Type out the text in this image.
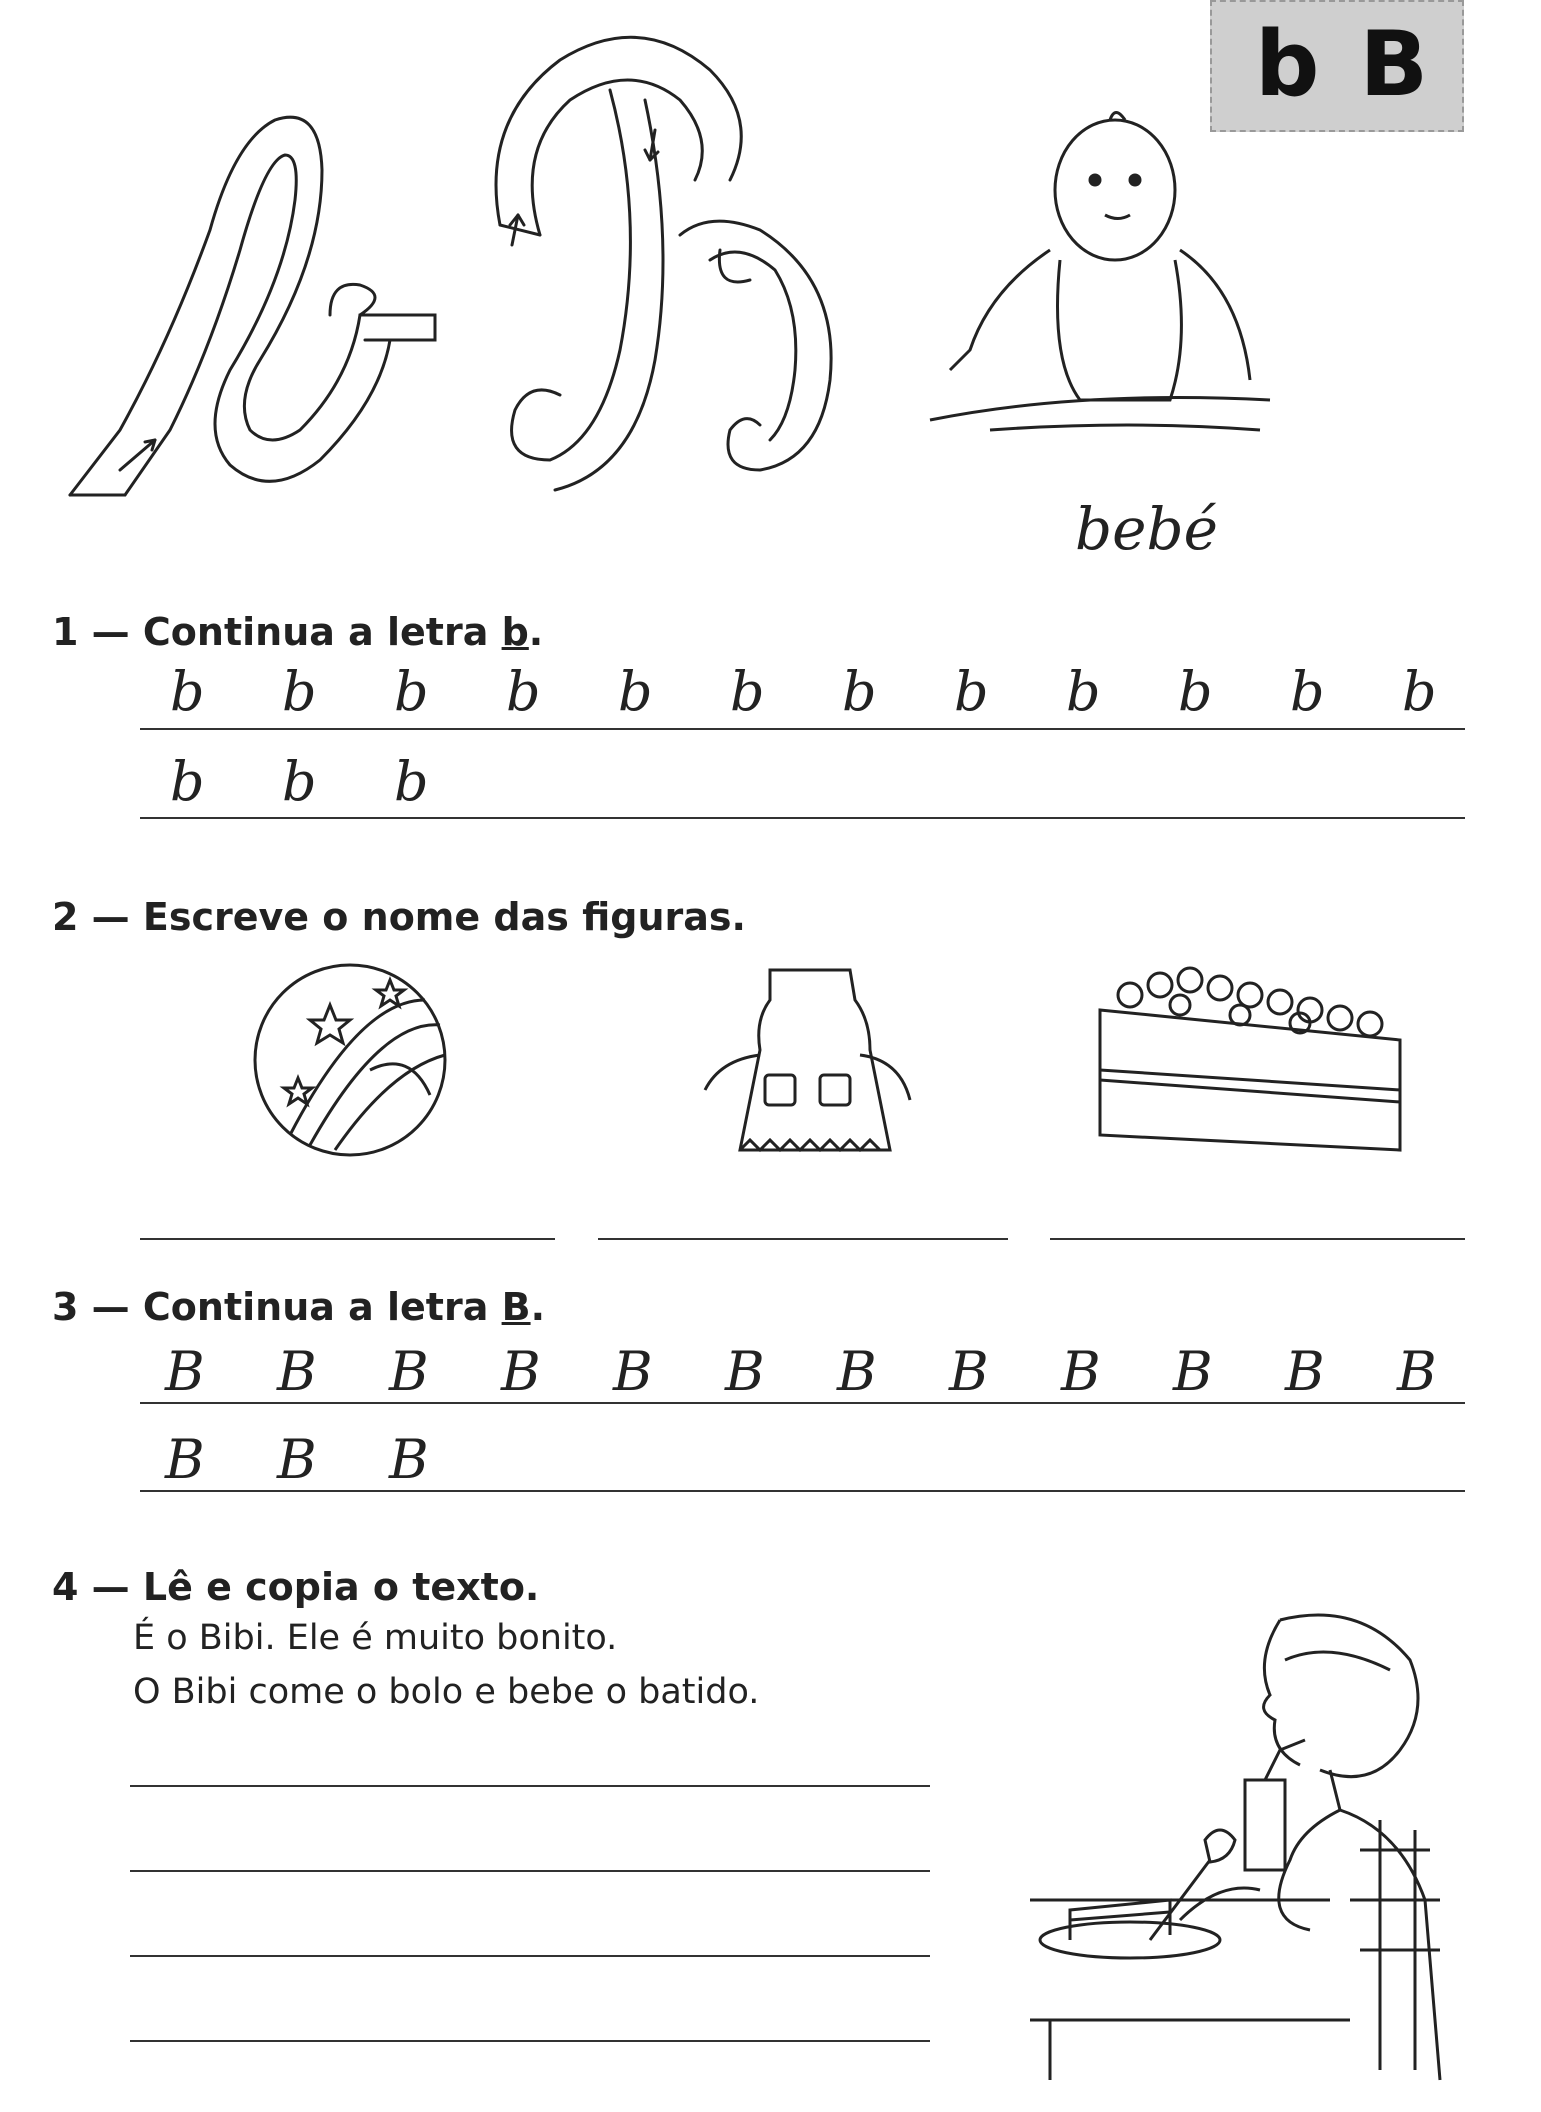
bB
bebé
1 — Continua a letra b.
b	b	b	b	b	b	b	b	b	b	b	b
b	b	b
2 — Escreve o nome das figuras.
3 — Continua a letra B.
B	B	B	B	B	B	B	B	B	B	B	B
B	B	B
4 — Lê e copia o texto.
É o Bibi. Ele é muito bonito.
O Bibi come o bolo e bebe o batido.
